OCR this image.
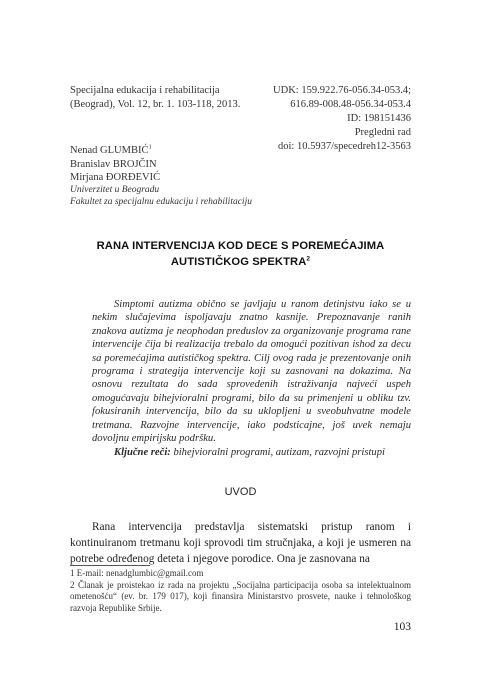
Specijalna edukacija i rehabilitacija
(Beograd), Vol. 12, br. 1. 103-118, 2013.
UDK: 159.922.76-056.34-053.4;
616.89-008.48-056.34-053.4
ID: 198151436
Pregledni rad
doi: 10.5937/specedreh12-3563
Nenad GLUMBIĆ$^1$
Branislav BROJČIN
Mirjana ĐORĐEVIĆ
Univerzitet u Beogradu
Fakultet za specijalnu edukaciju i rehabilitaciju
RANA INTERVENCIJA KOD DECE S POREMEĆAJIMA
AUTISTIČKOG SPEKTRA$^2$

Simptomi autizma obično se javljaju u ranom detinjstvu iako se u nekim slučajevima ispoljavaju znatno kasnije. Prepoznavanje ranih znakova autizma je neophodan preduslov za organizovanje programa rane intervencije čija bi realizacija trebalo da omogući pozitivan ishod za decu sa poremećajima autističkog spektra. Cilj ovog rada je prezentovanje onih programa i strategija intervencije koji su zasnovani na dokazima. Na osnovu rezultata do sada sprovedenih istraživanja najveći uspeh omogućavaju bihejvioralni programi, bilo da su primenjeni u obliku tzv. fokusiranih intervencija, bilo da su uklopljeni u sveobuhvatne modele tretmana. Razvojne intervencije, iako podsticajne, još uvek nemaju dovoljnu empirijsku podršku.

Ključne reči: bihejvioralni programi, autizam, razvojni pristupi
UVOD

Rana intervencija predstavlja sistematski pristup ranom i kontinuiranom tretmanu koji sprovodi tim stručnjaka, a koji je usmeren na potrebe određenog deteta i njegove porodice. Ona je zasnovana na

1 E-mail: nenadglumbic@gmail.com

2 Članak je proistekao iz rada na projektu „Socijalna participacija osoba sa intelektualnom ometenošću“ (ev. br. 179 017), koji finansira Ministarstvo prosvete, nauke i tehnološkog razvoja Republike Srbije.

103
